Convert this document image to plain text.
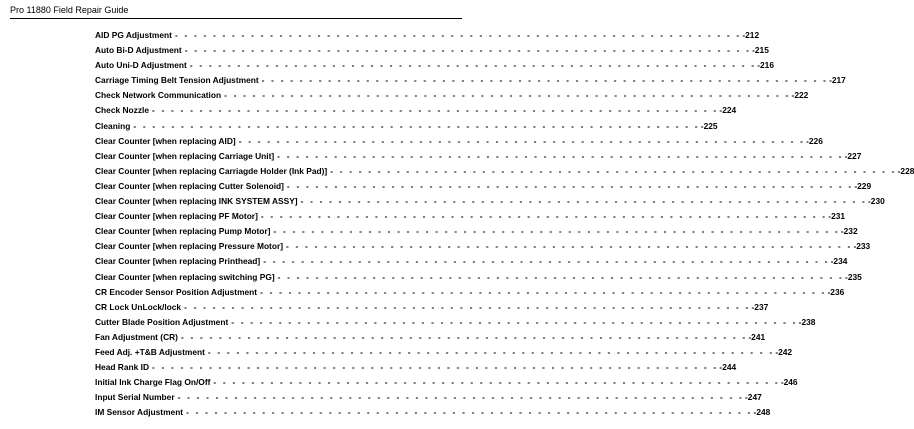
Pro 11880 Field Repair Guide
AID PG Adjustment - - - - - - - - - - - - - - - - - - - - - - - - - - - - - - - - - - - - - - - - - - - - - - - - - - - - - - - - - - - - -212
Auto Bi-D Adjustment - - - - - - - - - - - - - - - - - - - - - - - - - - - - - - - - - - - - - - - - - - - - - - - - - - - - - - - - - - - - -215
Auto Uni-D Adjustment - - - - - - - - - - - - - - - - - - - - - - - - - - - - - - - - - - - - - - - - - - - - - - - - - - - - - - - - - - - - -216
Carriage Timing Belt Tension Adjustment - - - - - - - - - - - - - - - - - - - - - - - - - - - - - - - - - - - - - - - - - - - - - - - - - - - - - - - - - - - - -217
Check Network Communication - - - - - - - - - - - - - - - - - - - - - - - - - - - - - - - - - - - - - - - - - - - - - - - - - - - - - - - - - - - - -222
Check Nozzle - - - - - - - - - - - - - - - - - - - - - - - - - - - - - - - - - - - - - - - - - - - - - - - - - - - - - - - - - - - - -224
Cleaning - - - - - - - - - - - - - - - - - - - - - - - - - - - - - - - - - - - - - - - - - - - - - - - - - - - - - - - - - - - - -225
Clear Counter [when replacing AID] - - - - - - - - - - - - - - - - - - - - - - - - - - - - - - - - - - - - - - - - - - - - - - - - - - - - - - - - - - - - -226
Clear Counter [when replacing Carriage Unit] - - - - - - - - - - - - - - - - - - - - - - - - - - - - - - - - - - - - - - - - - - - - - - - - - - - - - - - - - - - - -227
Clear Counter [when replacing Carriagde Holder (Ink Pad)] - - - - - - - - - - - - - - - - - - - - - - - - - - - - - - - - - - - - - - - - - - - - - - - - - - - - - - - - - - - - -228
Clear Counter [when replacing Cutter Solenoid] - - - - - - - - - - - - - - - - - - - - - - - - - - - - - - - - - - - - - - - - - - - - - - - - - - - - - - - - - - - - -229
Clear Counter [when replacing INK SYSTEM ASSY] - - - - - - - - - - - - - - - - - - - - - - - - - - - - - - - - - - - - - - - - - - - - - - - - - - - - - - - - - - - - -230
Clear Counter [when replacing PF Motor] - - - - - - - - - - - - - - - - - - - - - - - - - - - - - - - - - - - - - - - - - - - - - - - - - - - - - - - - - - - - -231
Clear Counter [when replacing Pump Motor] - - - - - - - - - - - - - - - - - - - - - - - - - - - - - - - - - - - - - - - - - - - - - - - - - - - - - - - - - - - - -232
Clear Counter [when replacing Pressure Motor] - - - - - - - - - - - - - - - - - - - - - - - - - - - - - - - - - - - - - - - - - - - - - - - - - - - - - - - - - - - - -233
Clear Counter [when replacing Printhead] - - - - - - - - - - - - - - - - - - - - - - - - - - - - - - - - - - - - - - - - - - - - - - - - - - - - - - - - - - - - -234
Clear Counter [when replacing switching PG] - - - - - - - - - - - - - - - - - - - - - - - - - - - - - - - - - - - - - - - - - - - - - - - - - - - - - - - - - - - - -235
CR Encoder Sensor Position Adjustment - - - - - - - - - - - - - - - - - - - - - - - - - - - - - - - - - - - - - - - - - - - - - - - - - - - - - - - - - - - - -236
CR Lock UnLock/lock - - - - - - - - - - - - - - - - - - - - - - - - - - - - - - - - - - - - - - - - - - - - - - - - - - - - - - - - - - - - -237
Cutter Blade Position Adjustment - - - - - - - - - - - - - - - - - - - - - - - - - - - - - - - - - - - - - - - - - - - - - - - - - - - - - - - - - - - - -238
Fan Adjustment (CR) - - - - - - - - - - - - - - - - - - - - - - - - - - - - - - - - - - - - - - - - - - - - - - - - - - - - - - - - - - - - -241
Feed Adj. +T&B Adjustment - - - - - - - - - - - - - - - - - - - - - - - - - - - - - - - - - - - - - - - - - - - - - - - - - - - - - - - - - - - - -242
Head Rank ID - - - - - - - - - - - - - - - - - - - - - - - - - - - - - - - - - - - - - - - - - - - - - - - - - - - - - - - - - - - - -244
Initial Ink Charge Flag On/Off - - - - - - - - - - - - - - - - - - - - - - - - - - - - - - - - - - - - - - - - - - - - - - - - - - - - - - - - - - - - -246
Input Serial Number - - - - - - - - - - - - - - - - - - - - - - - - - - - - - - - - - - - - - - - - - - - - - - - - - - - - - - - - - - - - -247
IM Sensor Adjustment - - - - - - - - - - - - - - - - - - - - - - - - - - - - - - - - - - - - - - - - - - - - - - - - - - - - - - - - - - - - -248
